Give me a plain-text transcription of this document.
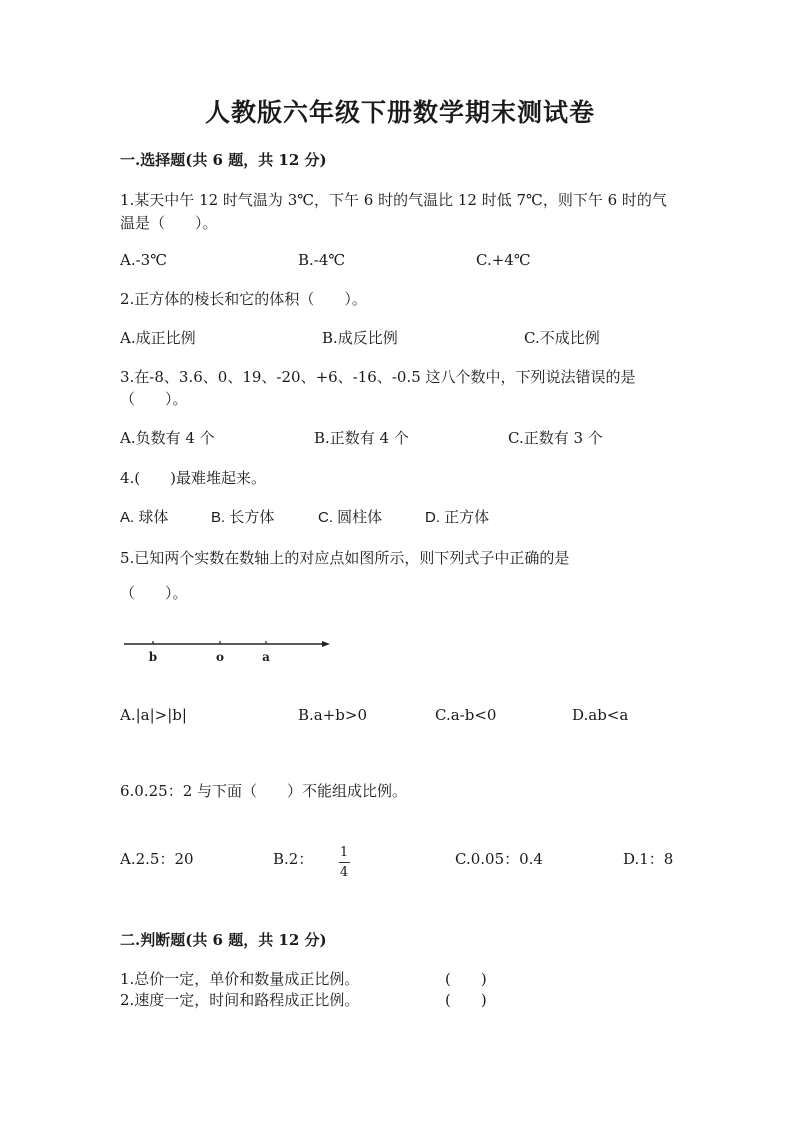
人教版六年级下册数学期末测试卷
一.选择题(共 6 题，共 12 分)
1.某天中午 12 时气温为 3℃，下午 6 时的气温比 12 时低 7℃，则下午 6 时的气
温是（　　）。
A.-3℃	B.-4℃	C.+4℃
2.正方体的棱长和它的体积（　　）。
A.成正比例	B.成反比例	C.不成比例
3.在-8、3.6、0、19、-20、+6、-16、-0.5 这八个数中，下列说法错误的是
（　　）。
A.负数有 4 个	B.正数有 4 个	C.正数有 3 个
4.(　　)最难堆起来。
A. 球体	B. 长方体	C. 圆柱体	D. 正方体
5.已知两个实数在数轴上的对应点如图所示，则下列式子中正确的是
（　　）。
b	o	a
A.|a|>|b|	B.a+b>0	C.a-b<0	D.ab<a
6.0.25：2 与下面（　　）不能组成比例。
A.2.5：20	B.2：	1
4
C.0.05：0.4	D.1：8
二.判断题(共 6 题，共 12 分)
1.总价一定，单价和数量成正比例。	(　　)
2.速度一定，时间和路程成正比例。	(　　)
